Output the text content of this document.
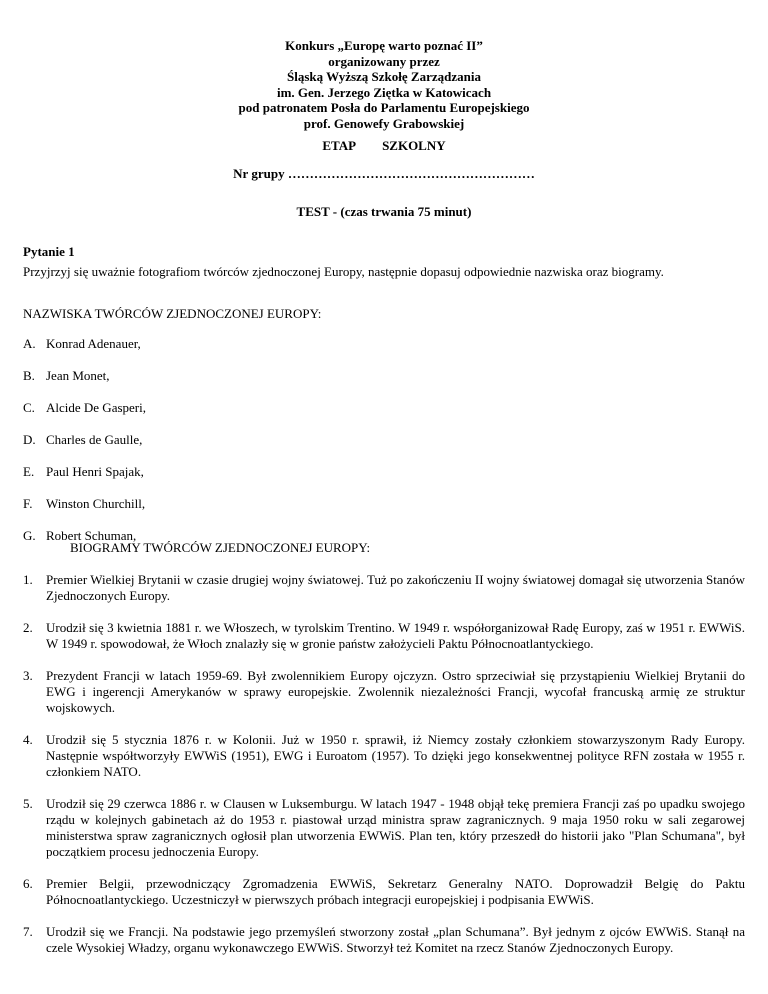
Konkurs „Europę warto poznać II”
organizowany przez
Śląską Wyższą Szkołę Zarządzania
im. Gen. Jerzego Ziętka w Katowicach
pod patronatem Posła do Parlamentu Europejskiego
prof. Genowefy Grabowskiej
ETAP SZKOLNY
Nr grupy …………………………………………………
TEST - (czas trwania 75 minut)
Pytanie 1
Przyjrzyj się uważnie fotografiom twórców zjednoczonej Europy, następnie dopasuj odpowiednie nazwiska oraz biogramy.
NAZWISKA TWÓRCÓW ZJEDNOCZONEJ EUROPY:
A. Konrad Adenauer,
B. Jean Monet,
C. Alcide De Gasperi,
D. Charles de Gaulle,
E. Paul Henri Spajak,
F. Winston Churchill,
G. Robert Schuman,
BIOGRAMY TWÓRCÓW ZJEDNOCZONEJ EUROPY:
1. Premier Wielkiej Brytanii w czasie drugiej wojny światowej. Tuż po zakończeniu II wojny światowej domagał się utworzenia Stanów Zjednoczonych Europy.
2. Urodził się 3 kwietnia 1881 r. we Włoszech, w tyrolskim Trentino. W 1949 r. współorganizował Radę Europy, zaś w 1951 r. EWWiS. W 1949 r. spowodował, że Włoch znalazły się w gronie państw założycieli Paktu Północnoatlantyckiego.
3. Prezydent Francji w latach 1959-69. Był zwolennikiem Europy ojczyzn. Ostro sprzeciwiał się przystąpieniu Wielkiej Brytanii do EWG i ingerencji Amerykanów w sprawy europejskie. Zwolennik niezależności Francji, wycofał francuską armię ze struktur wojskowych.
4. Urodził się 5 stycznia 1876 r. w Kolonii. Już w 1950 r. sprawił, iż Niemcy zostały członkiem stowarzyszonym Rady Europy. Następnie współtworzyły EWWiS (1951), EWG i Euroatom (1957). To dzięki jego konsekwentnej polityce RFN została w 1955 r. członkiem NATO.
5. Urodził się 29 czerwca 1886 r. w Clausen w Luksemburgu. W latach 1947 - 1948 objął tekę premiera Francji zaś po upadku swojego rządu w kolejnych gabinetach aż do 1953 r. piastował urząd ministra spraw zagranicznych. 9 maja 1950 roku w sali zegarowej ministerstwa spraw zagranicznych ogłosił plan utworzenia EWWiS. Plan ten, który przeszedł do historii jako "Plan Schumana", był początkiem procesu jednoczenia Europy.
6. Premier Belgii, przewodniczący Zgromadzenia EWWiS, Sekretarz Generalny NATO. Doprowadził Belgię do Paktu Północnoatlantyckiego. Uczestniczył w pierwszych próbach integracji europejskiej i podpisania EWWiS.
7. Urodził się we Francji. Na podstawie jego przemyśleń stworzony został „plan Schumana”. Był jednym z ojców EWWiS. Stanął na czele Wysokiej Władzy, organu wykonawczego EWWiS. Stworzył też Komitet na rzecz Stanów Zjednoczonych Europy.
